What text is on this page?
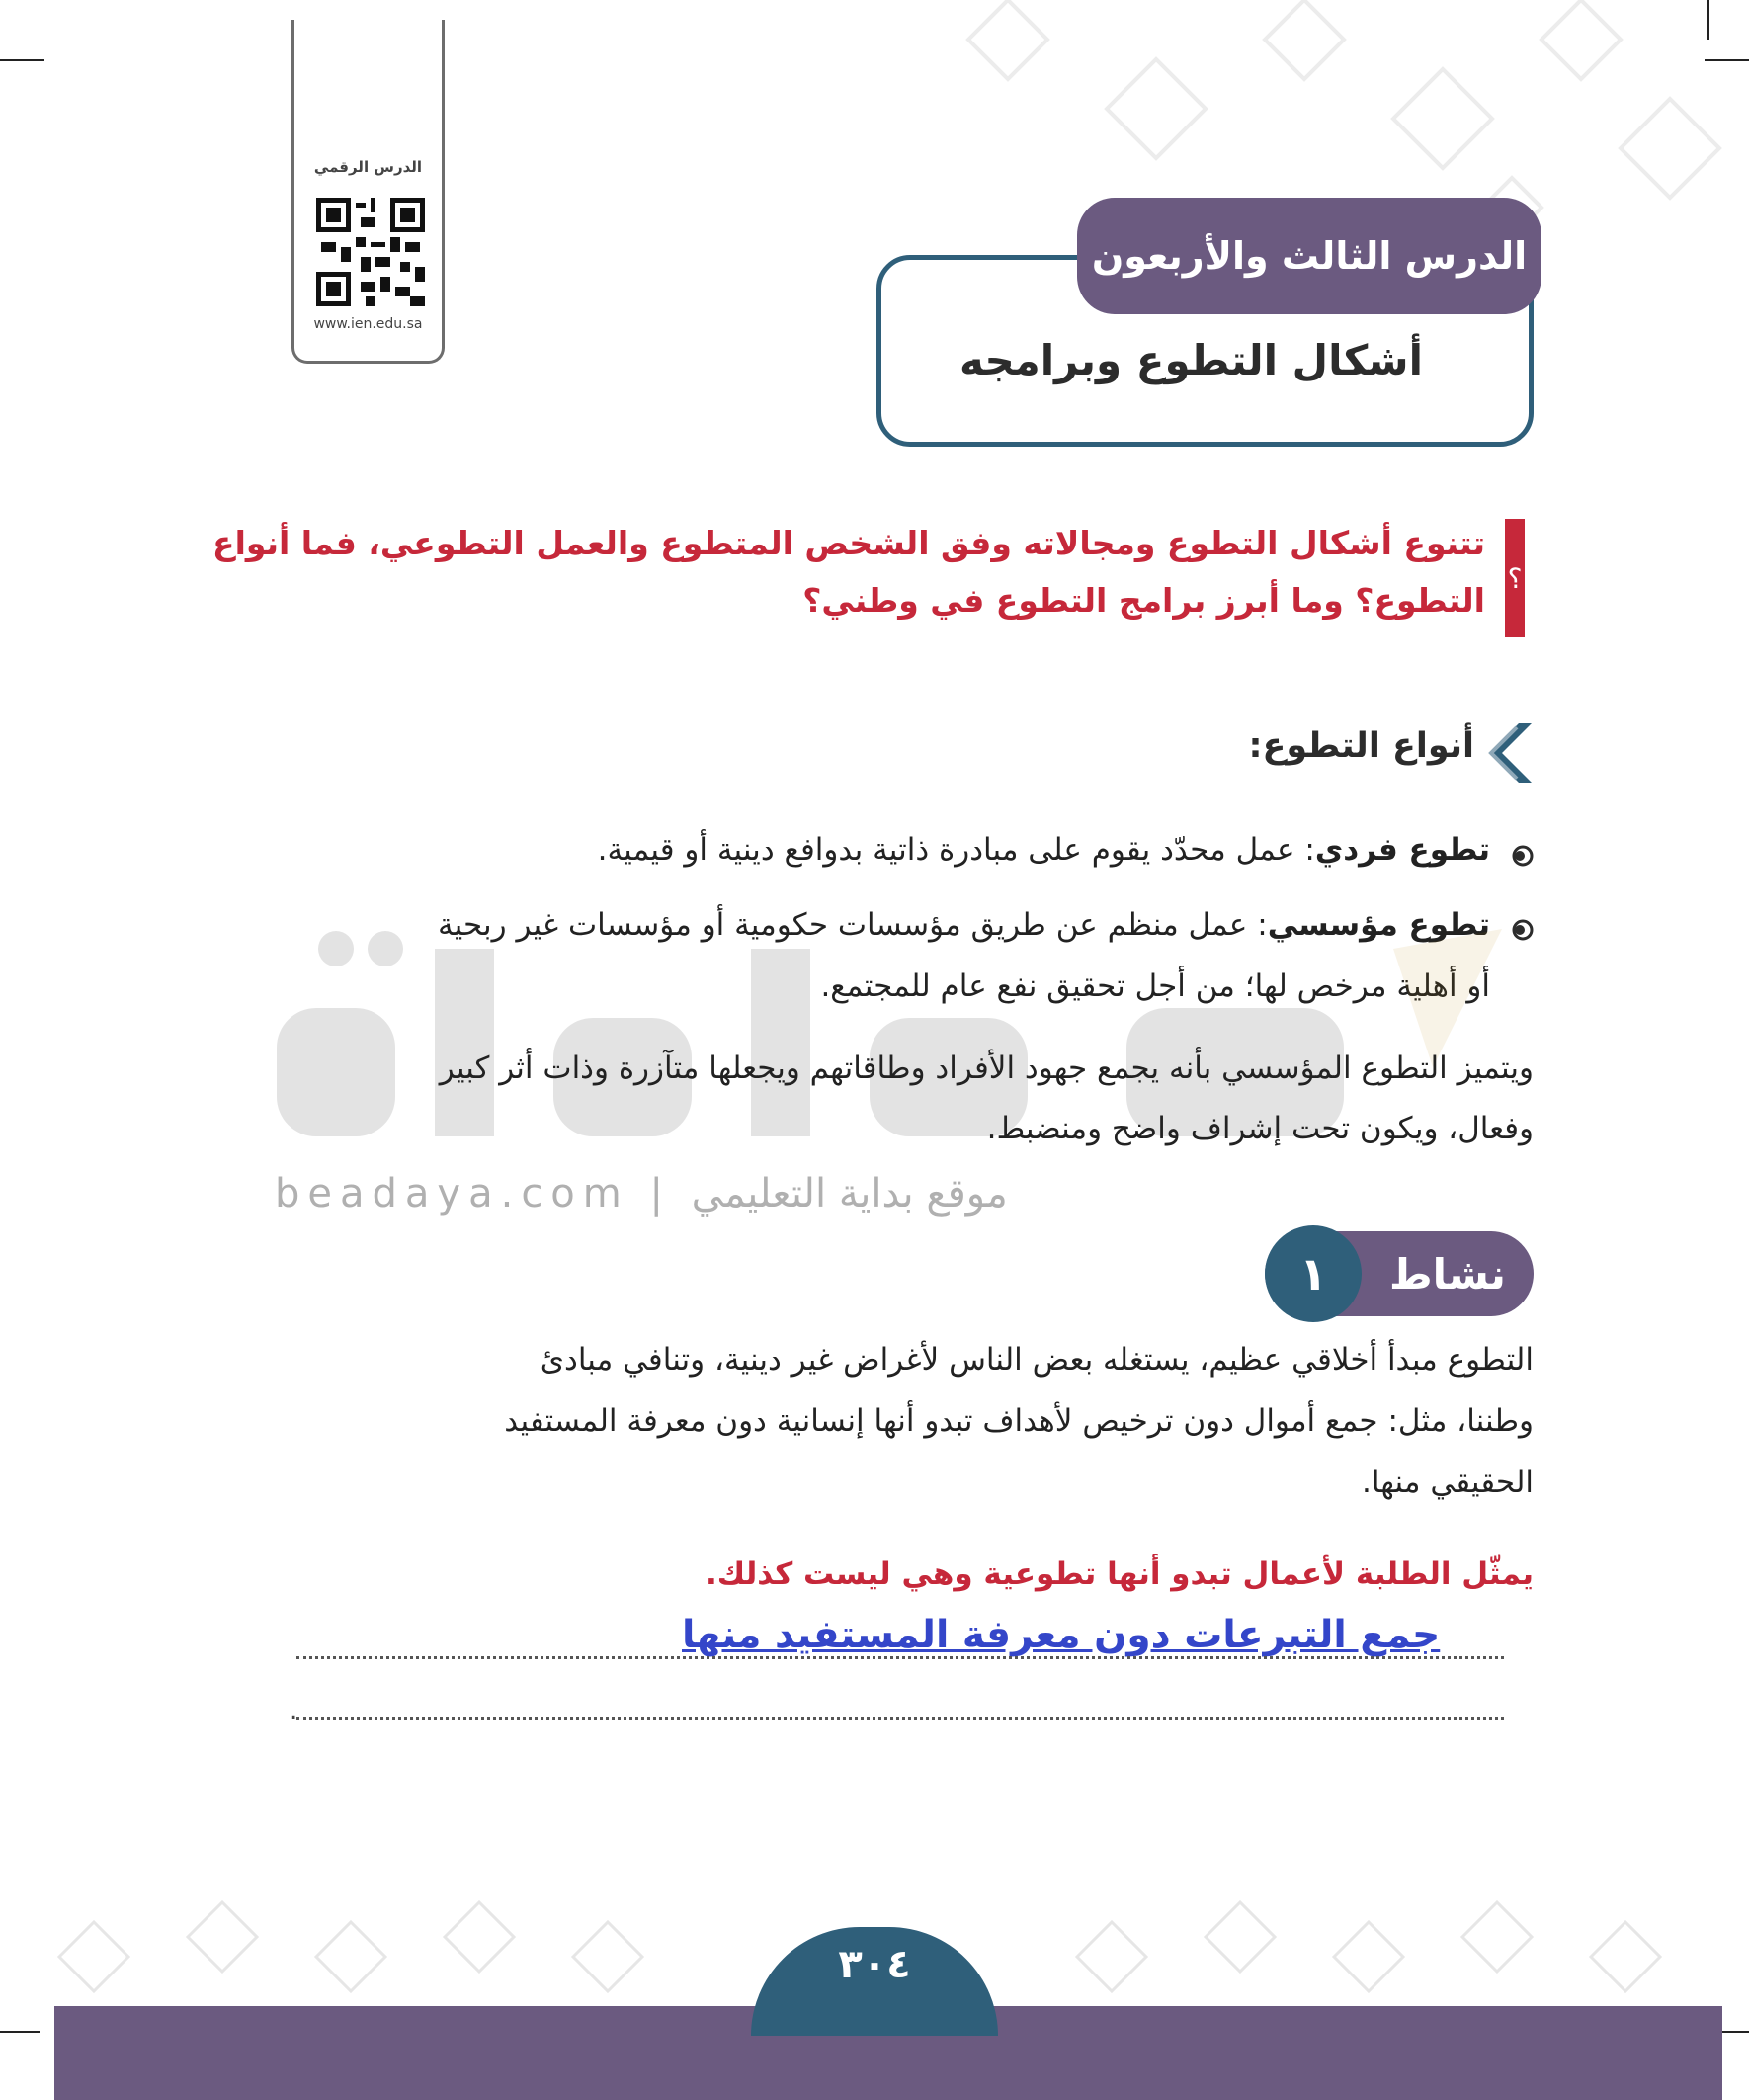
الدرس الرقمي
www.ien.edu.sa
الدرس الثالث والأربعون
أشكال التطوع وبرامجه
؟
تتنوع أشكال التطوع ومجالاته وفق الشخص المتطوع والعمل التطوعي، فما أنواع
التطوع؟ وما أبرز برامج التطوع في وطني؟
أنواع التطوع:
تطوع فردي: عمل محدّد يقوم على مبادرة ذاتية بدوافع دينية أو قيمية.
تطوع مؤسسي: عمل منظم عن طريق مؤسسات حكومية أو مؤسسات غير ربحية
أو أهلية مرخص لها؛ من أجل تحقيق نفع عام للمجتمع.
beadaya.com | موقع بداية التعليمي
ويتميز التطوع المؤسسي بأنه يجمع جهود الأفراد وطاقاتهم ويجعلها متآزرة وذات أثر كبير
وفعال، ويكون تحت إشراف واضح ومنضبط.
نشاط
١
التطوع مبدأ أخلاقي عظيم، يستغله بعض الناس لأغراض غير دينية، وتنافي مبادئ
وطننا، مثل: جمع أموال دون ترخيص لأهداف تبدو أنها إنسانية دون معرفة المستفيد
الحقيقي منها.
يمثّل الطلبة لأعمال تبدو أنها تطوعية وهي ليست كذلك.
جمع التبرعات دون معرفة المستفيد منها
.
٣٠٤
